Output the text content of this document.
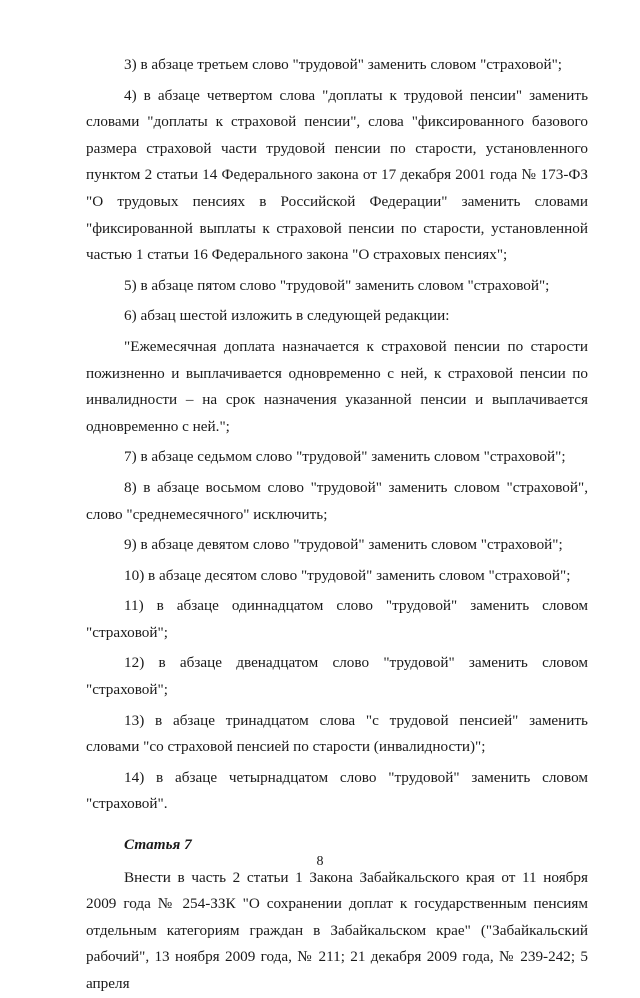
3) в абзаце третьем слово "трудовой" заменить словом "страховой";

4) в абзаце четвертом слова "доплаты к трудовой пенсии" заменить словами "доплаты к страховой пенсии", слова "фиксированного базового размера страховой части трудовой пенсии по старости, установленного пунктом 2 статьи 14 Федерального закона от 17 декабря 2001 года № 173-ФЗ "О трудовых пенсиях в Российской Федерации" заменить словами "фиксированной выплаты к страховой пенсии по старости, установленной частью 1 статьи 16 Федерального закона "О страховых пенсиях";

5) в абзаце пятом слово "трудовой" заменить словом "страховой";

6) абзац шестой изложить в следующей редакции:

"Ежемесячная доплата назначается к страховой пенсии по старости пожизненно и выплачивается одновременно с ней, к страховой пенсии по инвалидности – на срок назначения указанной пенсии и выплачивается одновременно с ней.";

7) в абзаце седьмом слово "трудовой" заменить словом "страховой";

8) в абзаце восьмом слово "трудовой" заменить словом "страховой", слово "среднемесячного" исключить;

9) в абзаце девятом слово "трудовой" заменить словом "страховой";

10) в абзаце десятом слово "трудовой" заменить словом "страховой";

11) в абзаце одиннадцатом слово "трудовой" заменить словом "страховой";

12) в абзаце двенадцатом слово "трудовой" заменить словом "страховой";

13) в абзаце тринадцатом слова "с трудовой пенсией" заменить словами "со страховой пенсией по старости (инвалидности)";

14) в абзаце четырнадцатом слово "трудовой" заменить словом "страховой".

Статья 7

Внести в часть 2 статьи 1 Закона Забайкальского края от 11 ноября 2009 года № 254-ЗЗК "О сохранении доплат к государственным пенсиям отдельным категориям граждан в Забайкальском крае" ("Забайкальский рабочий", 13 ноября 2009 года, № 211; 21 декабря 2009 года, № 239-242; 5 апреля

8
